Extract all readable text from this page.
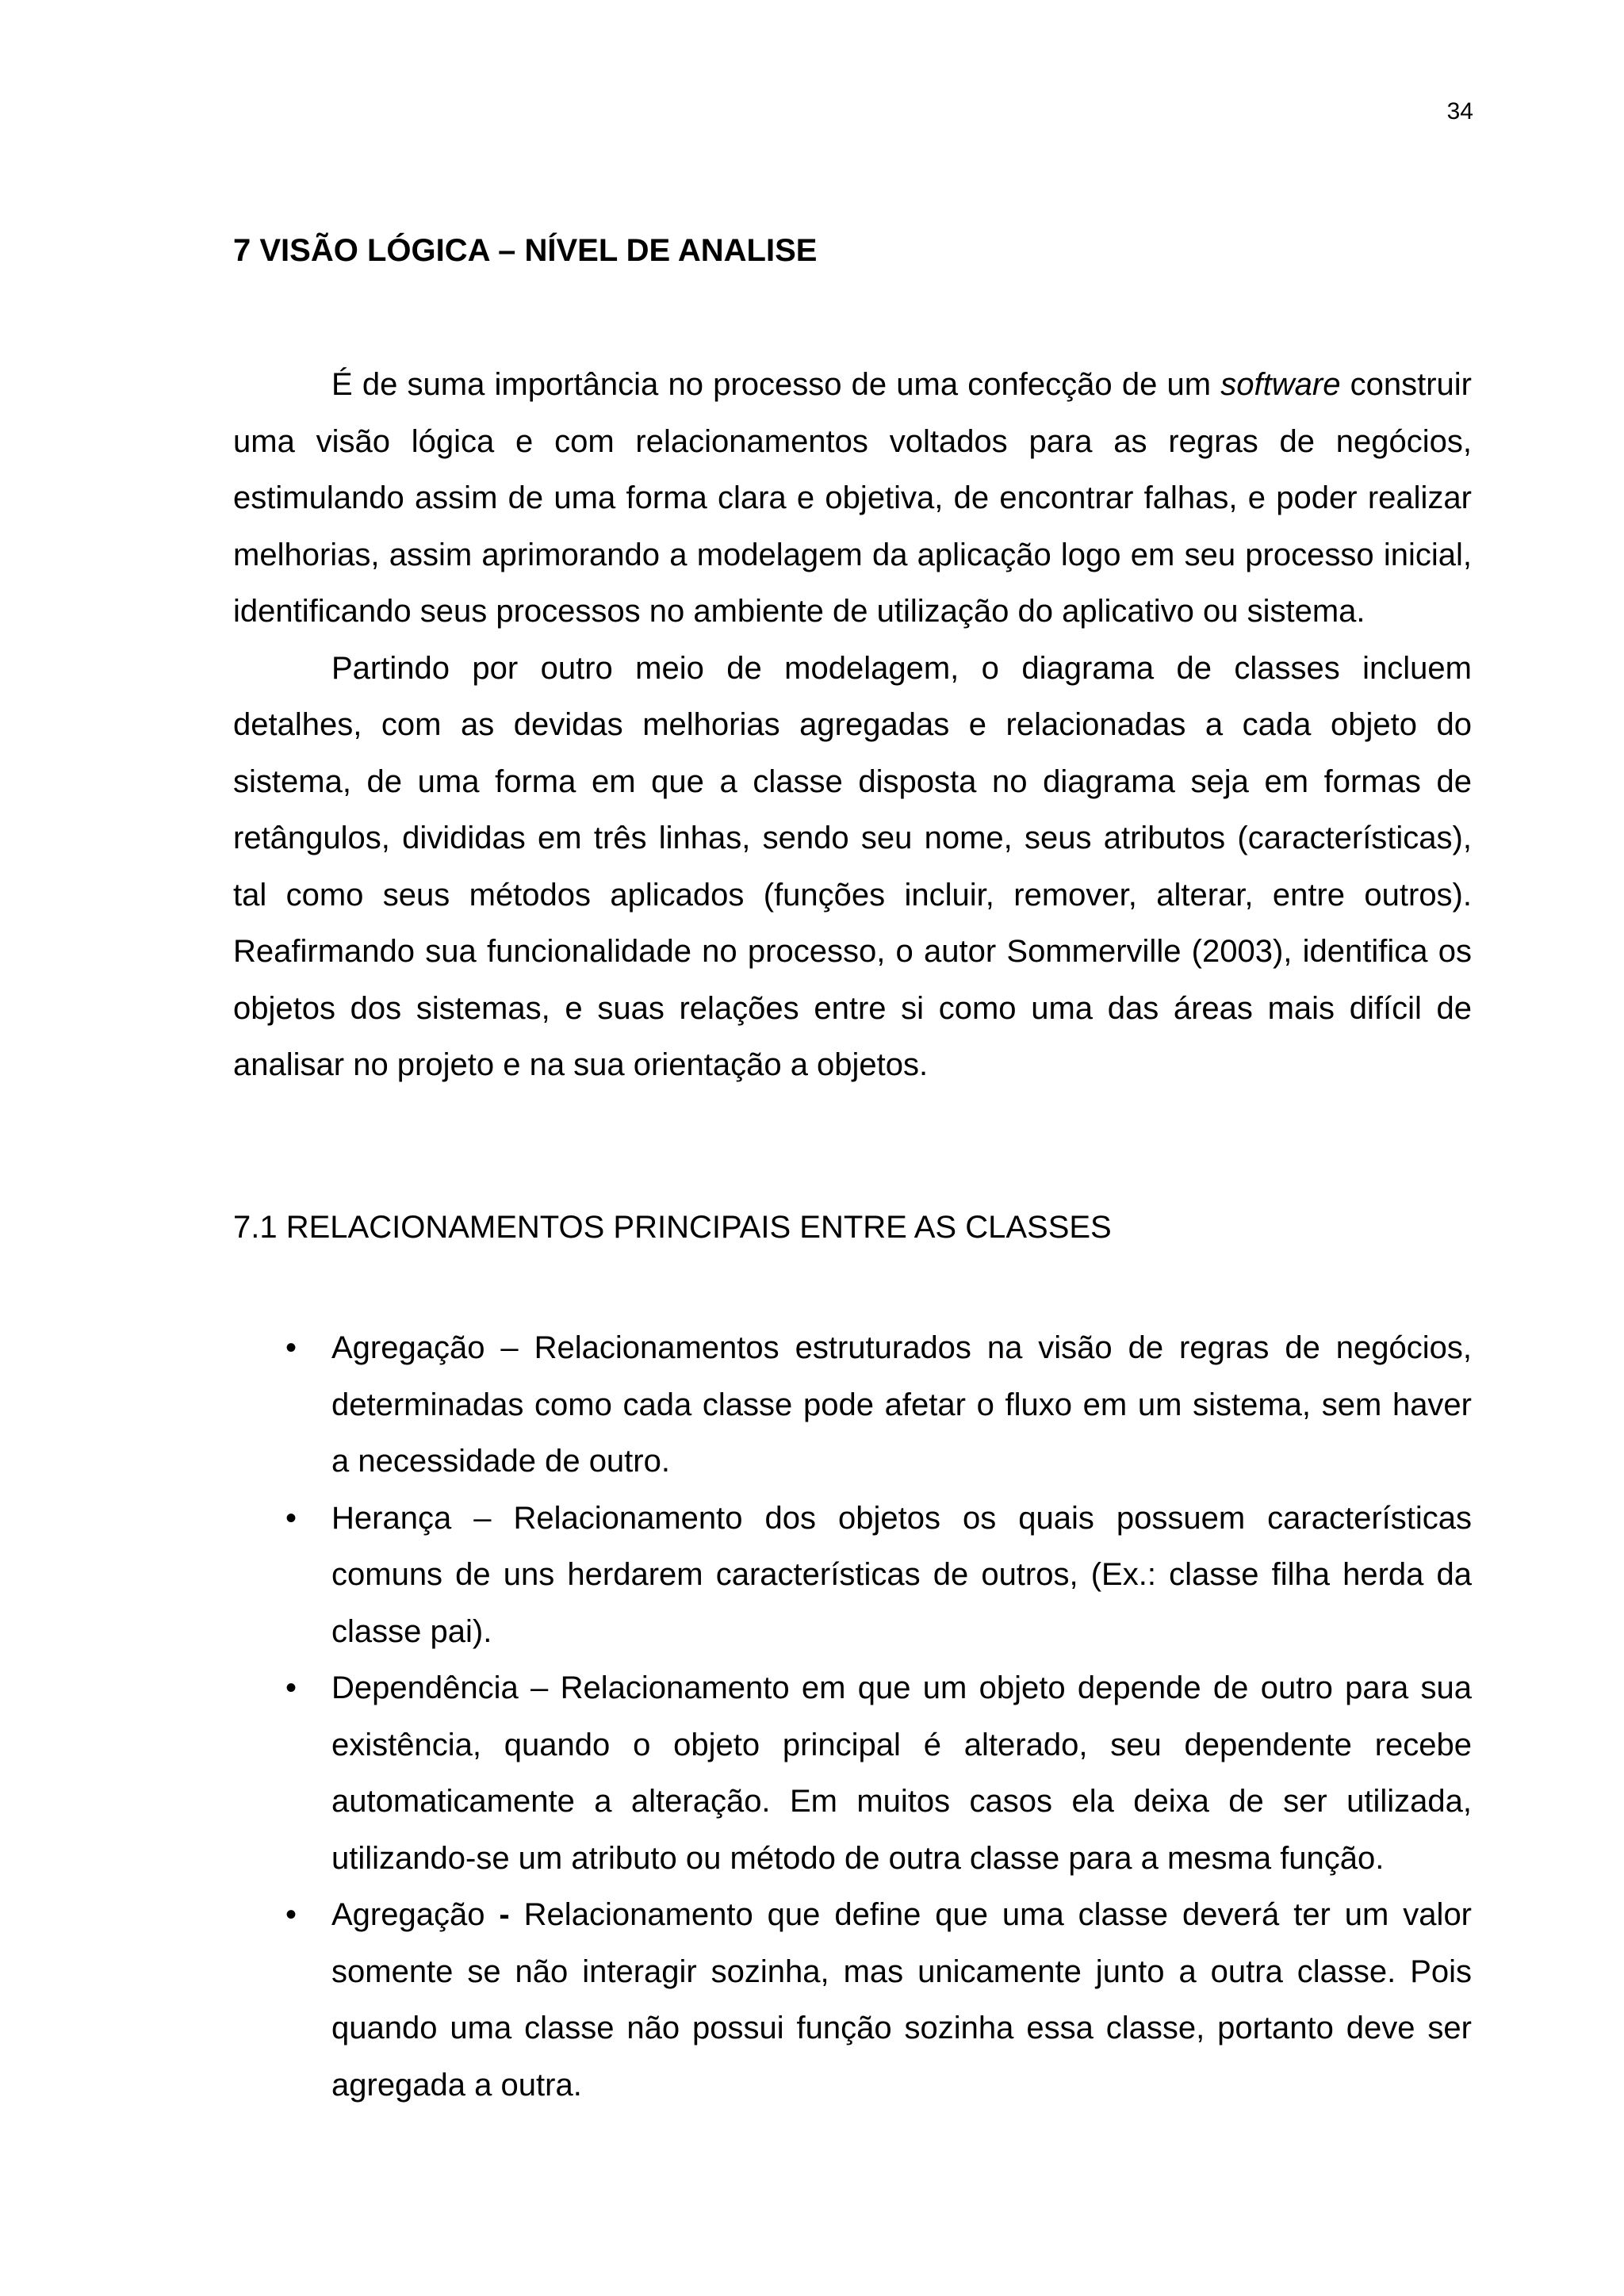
34
7 VISÃO LÓGICA – NÍVEL DE ANALISE

É de suma importância no processo de uma confecção de um software construir uma visão lógica e com relacionamentos voltados para as regras de negócios, estimulando assim de uma forma clara e objetiva, de encontrar falhas, e poder realizar melhorias, assim aprimorando a modelagem da aplicação logo em seu processo inicial, identificando seus processos no ambiente de utilização do aplicativo ou sistema.

Partindo por outro meio de modelagem, o diagrama de classes incluem detalhes, com as devidas melhorias agregadas e relacionadas a cada objeto do sistema, de uma forma em que a classe disposta no diagrama seja em formas de retângulos, divididas em três linhas, sendo seu nome, seus atributos (características), tal como seus métodos aplicados (funções incluir, remover, alterar, entre outros). Reafirmando sua funcionalidade no processo, o autor Sommerville (2003), identifica os objetos dos sistemas, e suas relações entre si como uma das áreas mais difícil de analisar no projeto e na sua orientação a objetos.

7.1 RELACIONAMENTOS PRINCIPAIS ENTRE AS CLASSES
• Agregação – Relacionamentos estruturados na visão de regras de negócios, determinadas como cada classe pode afetar o fluxo em um sistema, sem haver a necessidade de outro.
• Herança – Relacionamento dos objetos os quais possuem características comuns de uns herdarem características de outros, (Ex.: classe filha herda da classe pai).
• Dependência – Relacionamento em que um objeto depende de outro para sua existência, quando o objeto principal é alterado, seu dependente recebe automaticamente a alteração. Em muitos casos ela deixa de ser utilizada, utilizando-se um atributo ou método de outra classe para a mesma função.
• Agregação - Relacionamento que define que uma classe deverá ter um valor somente se não interagir sozinha, mas unicamente junto a outra classe. Pois quando uma classe não possui função sozinha essa classe, portanto deve ser agregada a outra.
